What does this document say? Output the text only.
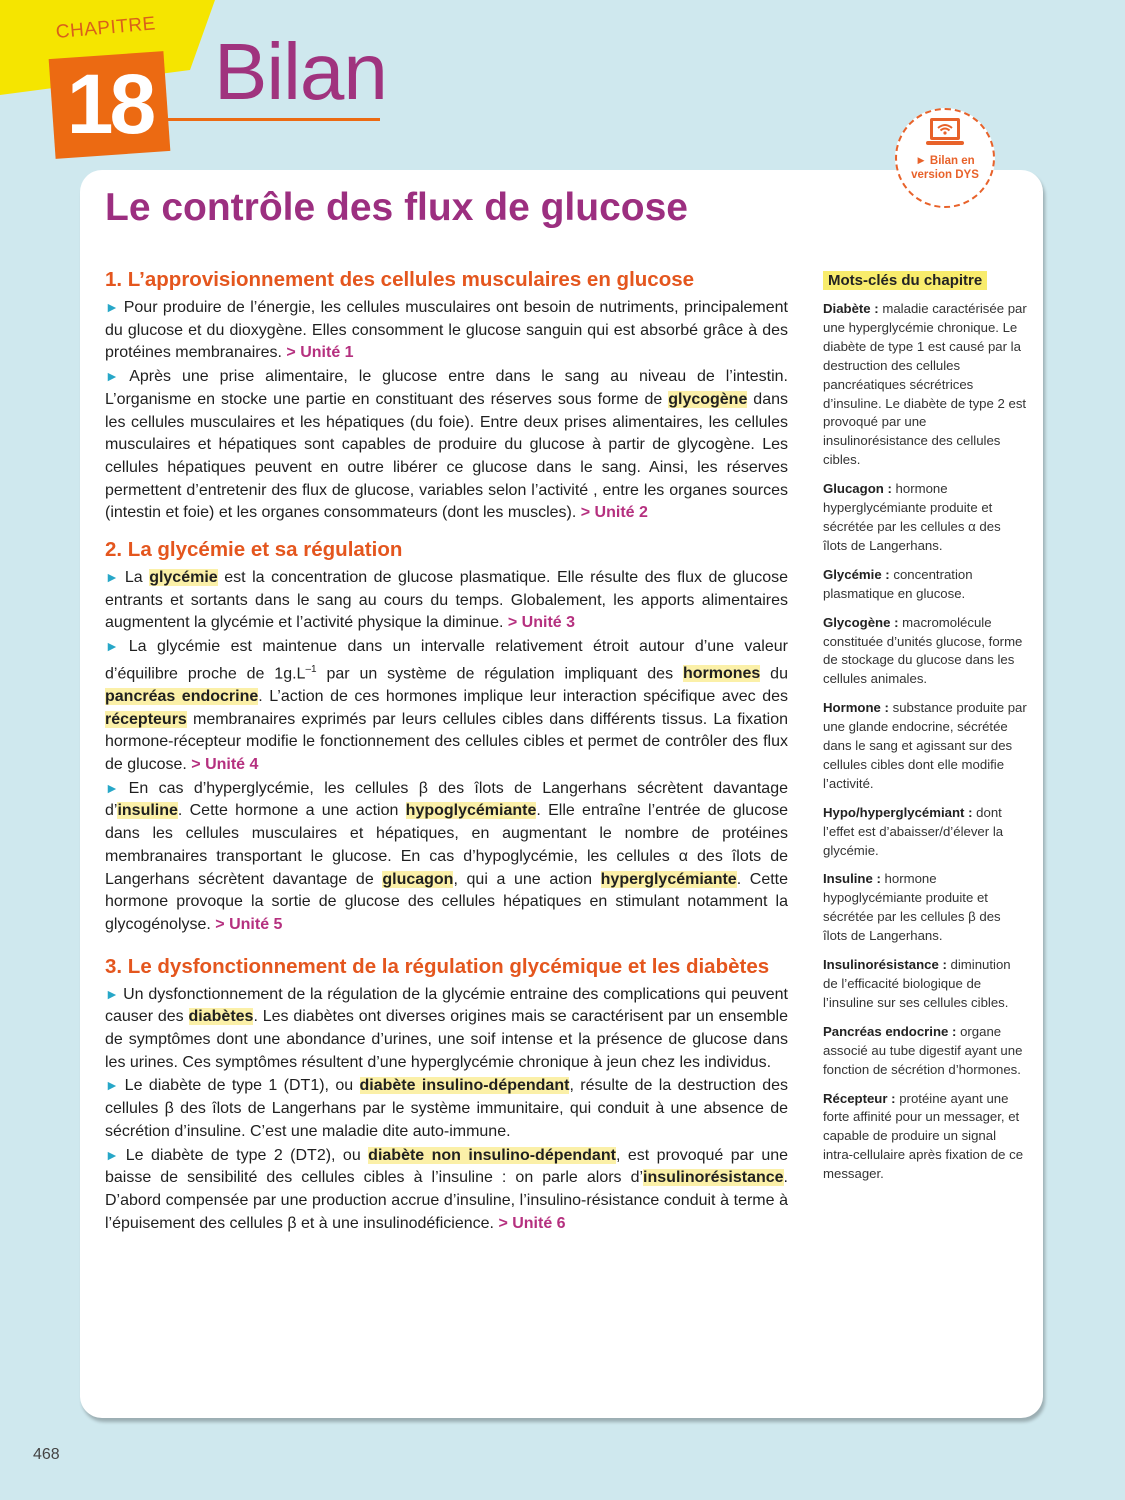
CHAPITRE
18 Bilan
► Bilan en version DYS
Le contrôle des flux de glucose
1. L’approvisionnement des cellules musculaires en glucose

► Pour produire de l’énergie, les cellules musculaires ont besoin de nutriments, principalement du glucose et du dioxygène. Elles consomment le glucose sanguin qui est absorbé grâce à des protéines membranaires. > Unité 1

► Après une prise alimentaire, le glucose entre dans le sang au niveau de l’intestin. L’organisme en stocke une partie en constituant des réserves sous forme de glycogène dans les cellules musculaires et les hépatiques (du foie). Entre deux prises alimentaires, les cellules musculaires et hépatiques sont capables de produire du glucose à partir de glycogène. Les cellules hépatiques peuvent en outre libérer ce glucose dans le sang. Ainsi, les réserves permettent d’entretenir des flux de glucose, variables selon l’activité , entre les organes sources (intestin et foie) et les organes consommateurs (dont les muscles). > Unité 2

2. La glycémie et sa régulation

► La glycémie est la concentration de glucose plasmatique. Elle résulte des flux de glucose entrants et sortants dans le sang au cours du temps. Globalement, les apports alimentaires augmentent la glycémie et l’activité physique la diminue. > Unité 3

► La glycémie est maintenue dans un intervalle relativement étroit autour d’une valeur d’équilibre proche de $1g.L^{-1}$ par un système de régulation impliquant des hormones du pancréas endocrine. L’action de ces hormones implique leur interaction spécifique avec des récepteurs membranaires exprimés par leurs cellules cibles dans différents tissus. La fixation hormone-récepteur modifie le fonctionnement des cellules cibles et permet de contrôler des flux de glucose. > Unité 4

► En cas d’hyperglycémie, les cellules β des îlots de Langerhans sécrètent davantage d’insuline. Cette hormone a une action hypoglycémiante. Elle entraîne l’entrée de glucose dans les cellules musculaires et hépatiques, en augmentant le nombre de protéines membranaires transportant le glucose. En cas d’hypoglycémie, les cellules α des îlots de Langerhans sécrètent davantage de glucagon, qui a une action hyperglycémiante. Cette hormone provoque la sortie de glucose des cellules hépatiques en stimulant notamment la glycogénolyse. > Unité 5

3. Le dysfonctionnement de la régulation glycémique et les diabètes

► Un dysfonctionnement de la régulation de la glycémie entraine des complications qui peuvent causer des diabètes. Les diabètes ont diverses origines mais se caractérisent par un ensemble de symptômes dont une abondance d’urines, une soif intense et la présence de glucose dans les urines. Ces symptômes résultent d’une hyperglycémie chronique à jeun chez les individus.

► Le diabète de type 1 (DT1), ou diabète insulino-dépendant, résulte de la destruction des cellules β des îlots de Langerhans par le système immunitaire, qui conduit à une absence de sécrétion d’insuline. C’est une maladie dite auto-immune.

► Le diabète de type 2 (DT2), ou diabète non insulino-dépendant, est provoqué par une baisse de sensibilité des cellules cibles à l’insuline : on parle alors d’insulinorésistance. D’abord compensée par une production accrue d’insuline, l’insulino-résistance conduit à terme à l’épuisement des cellules β et à une insulinodéficience. > Unité 6

Mots-clés du chapitre

Diabète : maladie caractérisée par une hyperglycémie chronique. Le diabète de type 1 est causé par la destruction des cellules pancréatiques sécrétrices d’insuline. Le diabète de type 2 est provoqué par une insulinorésistance des cellules cibles.

Glucagon : hormone hyperglycémiante produite et sécrétée par les cellules α des îlots de Langerhans.

Glycémie : concentration plasmatique en glucose.

Glycogène : macromolécule constituée d’unités glucose, forme de stockage du glucose dans les cellules animales.

Hormone : substance produite par une glande endocrine, sécrétée dans le sang et agissant sur des cellules cibles dont elle modifie l’activité.

Hypo/hyperglycémiant : dont l’effet est d’abaisser/d’élever la glycémie.

Insuline : hormone hypoglycémiante produite et sécrétée par les cellules β des îlots de Langerhans.

Insulinorésistance : diminution de l’efficacité biologique de l’insuline sur ses cellules cibles.

Pancréas endocrine : organe associé au tube digestif ayant une fonction de sécrétion d’hormones.

Récepteur : protéine ayant une forte affinité pour un messager, et capable de produire un signal intra-cellulaire après fixation de ce messager.

468
